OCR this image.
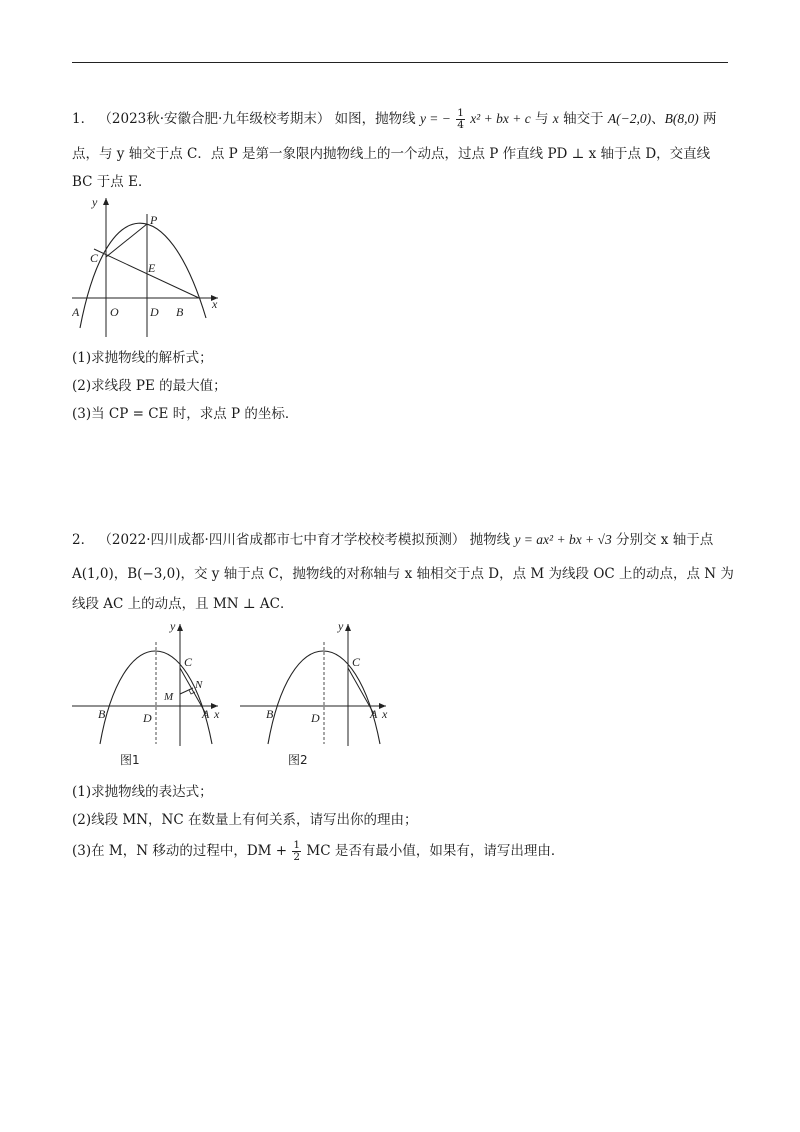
1． （2023秋·安徽合肥·九年级校考期末） 如图，抛物线 y = − $\frac{1}{4} x^2$ + bx + c 与 x 轴交于 A(−2,0)、B(8,0) 两
点，与 y 轴交于点 C．点 P 是第一象限内抛物线上的一个动点，过点 P 作直线 PD ⊥ x 轴于点 D，交直线
BC 于点 E．
y
x
A	O	D B
C
P
E
(1)求抛物线的解析式；
(2)求线段 PE 的最大值；
(3)当 CP = CE 时，求点 P 的坐标．
2． （2022·四川成都·四川省成都市七中育才学校校考模拟预测） 抛物线 y = ax² + bx + √3 分别交 x 轴于点
A(1,0)，B(−3,0)，交 y 轴于点 C，抛物线的对称轴与 x 轴相交于点 D，点 M 为线段 OC 上的动点，点 N 为
线段 AC 上的动点，且 MN ⊥ AC．
y
x
A
B
C
D
M
N
图1
y
x
A
B
C
D
图2
(1)求抛物线的表达式；
(2)线段 MN，NC 在数量上有何关系，请写出你的理由；
(3)在 M，N 移动的过程中，DM + $\frac{1}{2}$ MC 是否有最小值，如果有，请写出理由．
